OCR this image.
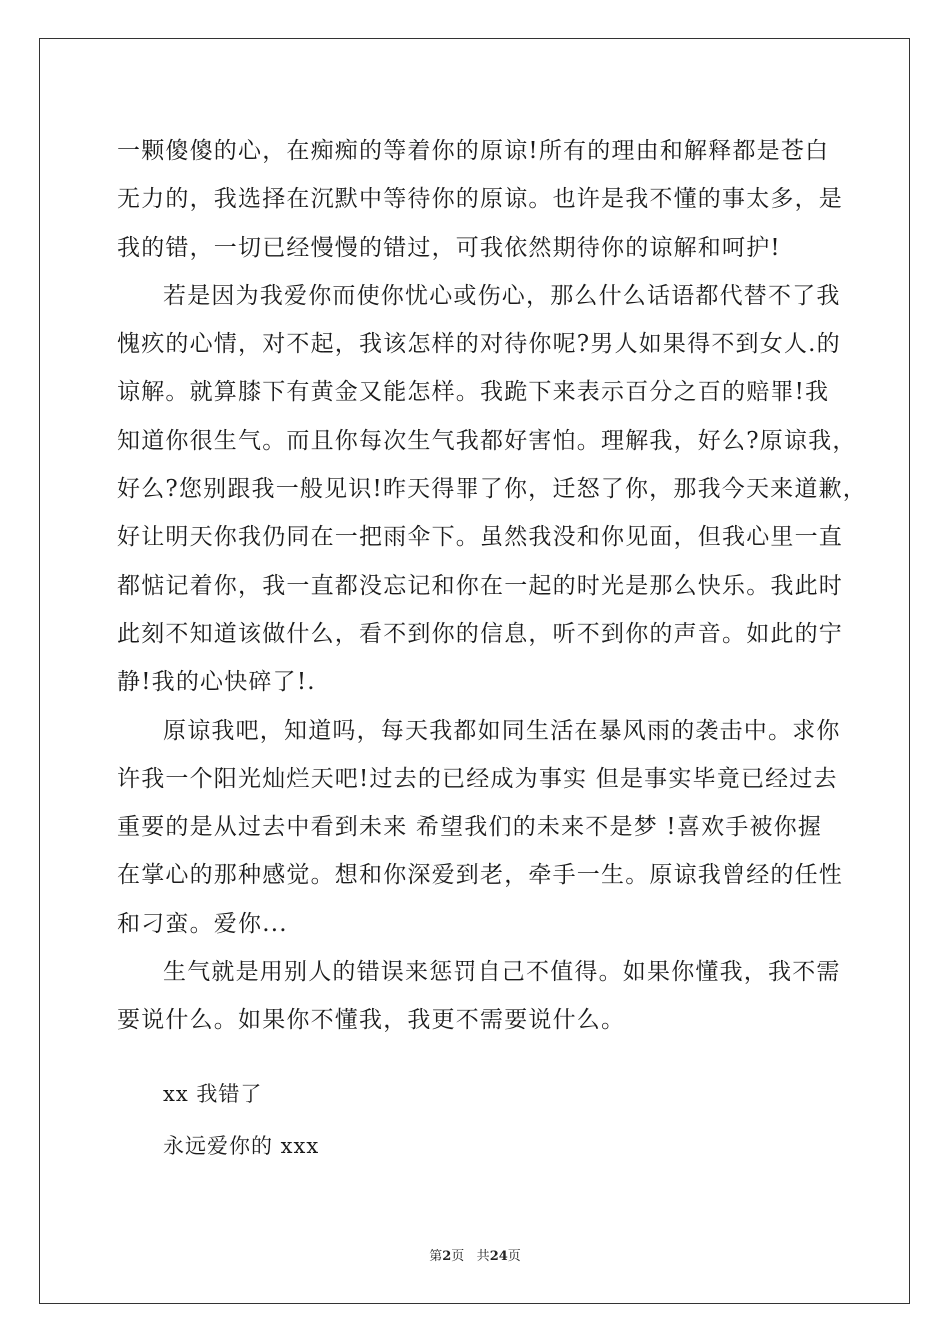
一颗傻傻的心，在痴痴的等着你的原谅!所有的理由和解释都是苍白
无力的，我选择在沉默中等待你的原谅。也许是我不懂的事太多，是
我的错，一切已经慢慢的错过，可我依然期待你的谅解和呵护!
若是因为我爱你而使你忧心或伤心，那么什么话语都代替不了我
愧疚的心情，对不起，我该怎样的对待你呢?男人如果得不到女人.的
谅解。就算膝下有黄金又能怎样。我跪下来表示百分之百的赔罪!我
知道你很生气。而且你每次生气我都好害怕。理解我，好么?原谅我，
好么?您别跟我一般见识!昨天得罪了你，迁怒了你，那我今天来道歉，
好让明天你我仍同在一把雨伞下。虽然我没和你见面，但我心里一直
都惦记着你，我一直都没忘记和你在一起的时光是那么快乐。我此时
此刻不知道该做什么，看不到你的信息，听不到你的声音。如此的宁
静!我的心快碎了!.
原谅我吧，知道吗，每天我都如同生活在暴风雨的袭击中。求你
许我一个阳光灿烂天吧!过去的已经成为事实 但是事实毕竟已经过去
重要的是从过去中看到未来 希望我们的未来不是梦 !喜欢手被你握
在掌心的那种感觉。想和你深爱到老，牵手一生。原谅我曾经的任性
和刁蛮。爱你...
生气就是用别人的错误来惩罚自己不值得。如果你懂我，我不需
要说什么。如果你不懂我，我更不需要说什么。
xx 我错了
永远爱你的 xxx
第2页 共24页
